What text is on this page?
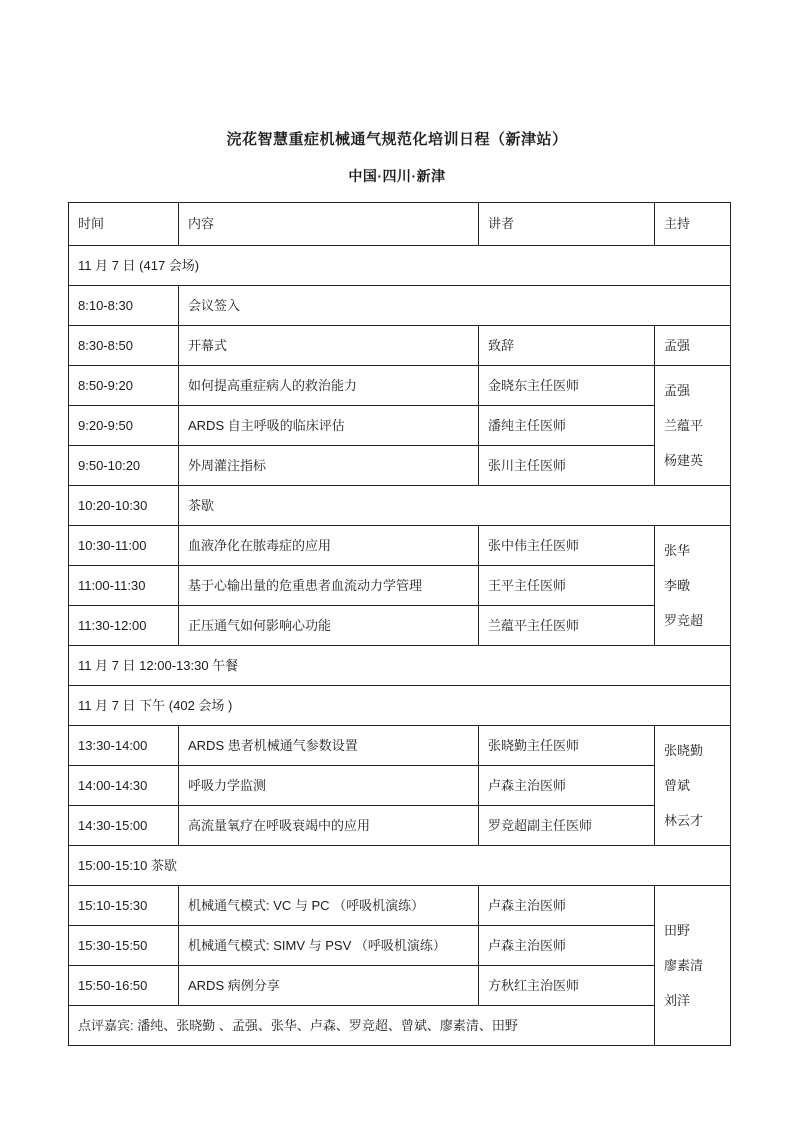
浣花智慧重症机械通气规范化培训日程（新津站）
中国·四川·新津
时间	内容	讲者	主持
11 月 7 日 (417 会场)			
8:10-8:30	会议签入		
8:30-8:50	开幕式	致辞	孟强
8:50-9:20	如何提高重症病人的救治能力	金晓东主任医师	孟强
兰蕴平
杨建英

9:20-9:50	ARDS 自主呼吸的临床评估	潘纯主任医师	
9:50-10:20	外周灌注指标	张川主任医师	
10:20-10:30	茶歇		
10:30-11:00	血液净化在脓毒症的应用	张中伟主任医师	张华
李暾
罗竞超

11:00-11:30	基于心输出量的危重患者血流动力学管理	王平主任医师	
11:30-12:00	正压通气如何影响心功能	兰蕴平主任医师	
11 月 7 日 12:00-13:30 午餐			
11 月 7 日 下午 (402 会场 )			
13:30-14:00	ARDS 患者机械通气参数设置	张晓勤主任医师	张晓勤
曾斌
林云才

14:00-14:30	呼吸力学监测	卢森主治医师	
14:30-15:00	高流量氧疗在呼吸衰竭中的应用	罗竞超副主任医师	
15:00-15:10 茶歇			
15:10-15:30	机械通气模式: VC 与 PC （呼吸机演练）	卢森主治医师	田野
廖素清
刘洋

15:30-15:50	机械通气模式: SIMV 与 PSV （呼吸机演练）	卢森主治医师	
15:50-16:50	ARDS 病例分享	方秋红主治医师	
点评嘉宾: 潘纯、张晓勤 、孟强、张华、卢森、罗竞超、曾斌、廖素清、田野			
